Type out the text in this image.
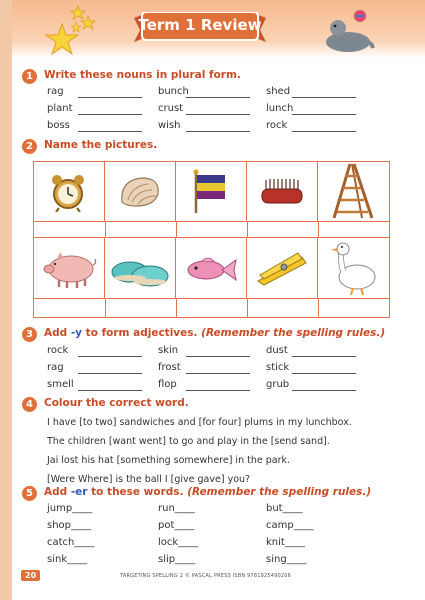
Term 1 Review
1	Write these nouns in plural form.
rag	bunch	shed
plant	crust	lunch
boss	wish	rock
2	Name the pictures.
3	Add -y to form adjectives. (Remember the spelling rules.)
rock	skin	dust
rag	frost	stick
smell	flop	grub
4	Colour the correct word.
I have [to two] sandwiches and [for four] plums in my lunchbox.
The children [want went] to go and play in the [send sand].
Jai lost his hat [something somewhere] in the park.
[Were Where] is the ball I [give gave] you?
5	Add -er to these words. (Remember the spelling rules.)
jump____	run____	but____
shop____	pot____	camp____
catch____	lock____	knit____
sink____	slip____	sing____
20	TARGETING SPELLING 2 © PASCAL PRESS ISBN 9781925490206
